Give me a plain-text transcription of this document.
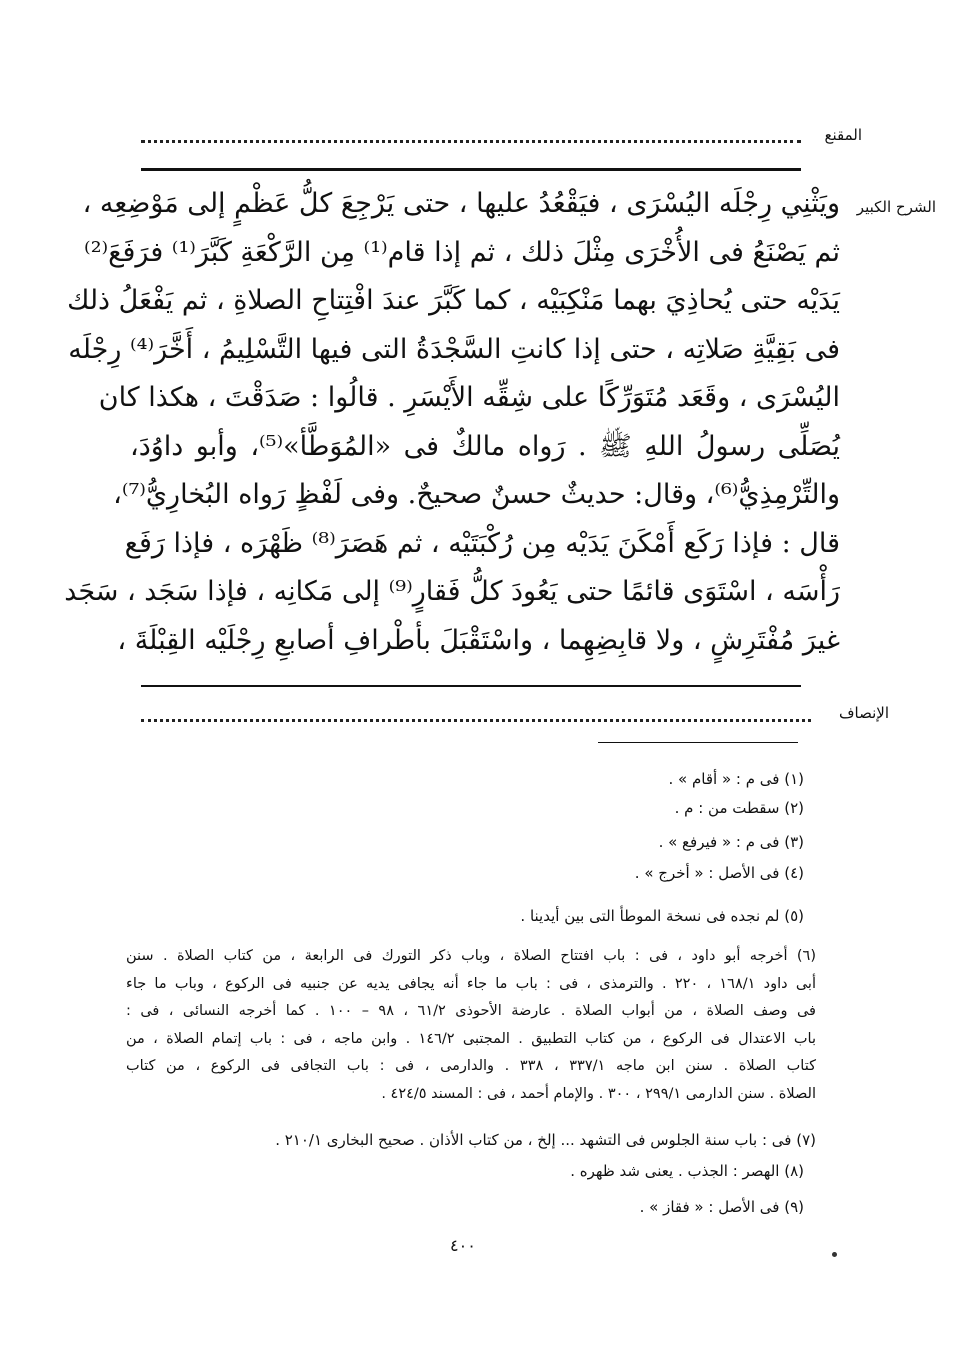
المقنع
الشرح الكبير
ويَثْنِي رِجْلَه اليُسْرَى ، فيَقْعُدُ عليها ، حتى يَرْجِعَ كلُّ عَظْمٍ إلى مَوْضِعِه ،
ثم يَصْنَعُ فى الأُخْرَى مِثْلَ ذلك ، ثم إذا قام⁽¹⁾ مِن الرَّكْعَةِ كَبَّرَ⁽¹⁾ فرَفَعَ⁽²⁾
يَدَيْه حتى يُحاذِيَ بهما مَنْكِبَيْه ، كما كَبَّرَ عندَ افْتِتاحِ الصلاةِ ، ثم يَفْعَلُ ذلك
فى بَقِيَّةِ صَلاتِه ، حتى إذا كانتِ السَّجْدَةُ التى فيها التَّسْلِيمُ ، أَخَّرَ⁽⁴⁾ رِجْلَه
اليُسْرَى ، وقَعَد مُتَوَرِّكًا على شِقِّه الأَيْسَرِ . قالُوا : صَدَقْتَ ، هكذا كان
يُصَلِّى رسولُ اللهِ ﷺ . رَواه مالكٌ فى «المُوَطَّأ»⁽⁵⁾، وأبو داوُدَ،
والتِّرْمِذِيُّ⁽⁶⁾، وقال: حديثٌ حسنٌ صحيحٌ. وفى لَفْظٍ رَواه البُخارِيُّ⁽⁷⁾،
قال : فإذا رَكَع أَمْكَنَ يَدَيْه مِن رُكْبَتَيْه ، ثم هَصَرَ⁽⁸⁾ ظَهْرَه ، فإذا رَفَع
رَأْسَه ، اسْتَوَى قائمًا حتى يَعُودَ كلُّ فَقارٍ⁽⁹⁾ إلى مَكانِه ، فإذا سَجَد ، سَجَد
غيرَ مُفْتَرِشٍ ، ولا قابِضِهِما ، واسْتَقْبَلَ بأطْرافِ أصابعِ رِجْلَيْه القِبْلَةَ ،
الإنصاف
(١) فى م : « أقام » .
(٢) سقطت من : م .
(٣) فى م : « فيرفع » .
(٤) فى الأصل : « أخرج » .
(٥) لم نجده فى نسخة الموطأ التى بين أيدينا .
(٦) أخرجه أبو داود ، فى : باب افتتاح الصلاة ، وباب ذكر التورك فى الرابعة ، من كتاب الصلاة . سنن
أبى داود ١٦٨/١ ، ٢٢٠ . والترمذى ، فى : باب ما جاء أنه يجافى يديه عن جنبيه فى الركوع ، وباب ما جاء
فى وصف الصلاة ، من أبواب الصلاة . عارضة الأحوذى ٦١/٢ ، ٩٨ – ١٠٠ . كما أخرجه النسائى ، فى :
باب الاعتدال فى الركوع ، من كتاب التطبيق . المجتبى ١٤٦/٢ . وابن ماجه ، فى : باب إتمام الصلاة ، من
كتاب الصلاة . سنن ابن ماجه ٣٣٧/١ ، ٣٣٨ . والدارمى ، فى : باب التجافى فى الركوع ، من كتاب
الصلاة . سنن الدارمى ٢٩٩/١ ، ٣٠٠ . والإمام أحمد ، فى : المسند ٤٢٤/٥ .
(٧) فى : باب سنة الجلوس فى التشهد ... إلخ ، من كتاب الأذان . صحيح البخارى ٢١٠/١ .
(٨) الهصر : الجذب . يعنى شد ظهره .
(٩) فى الأصل : « فقاز » .
٤٠٠
